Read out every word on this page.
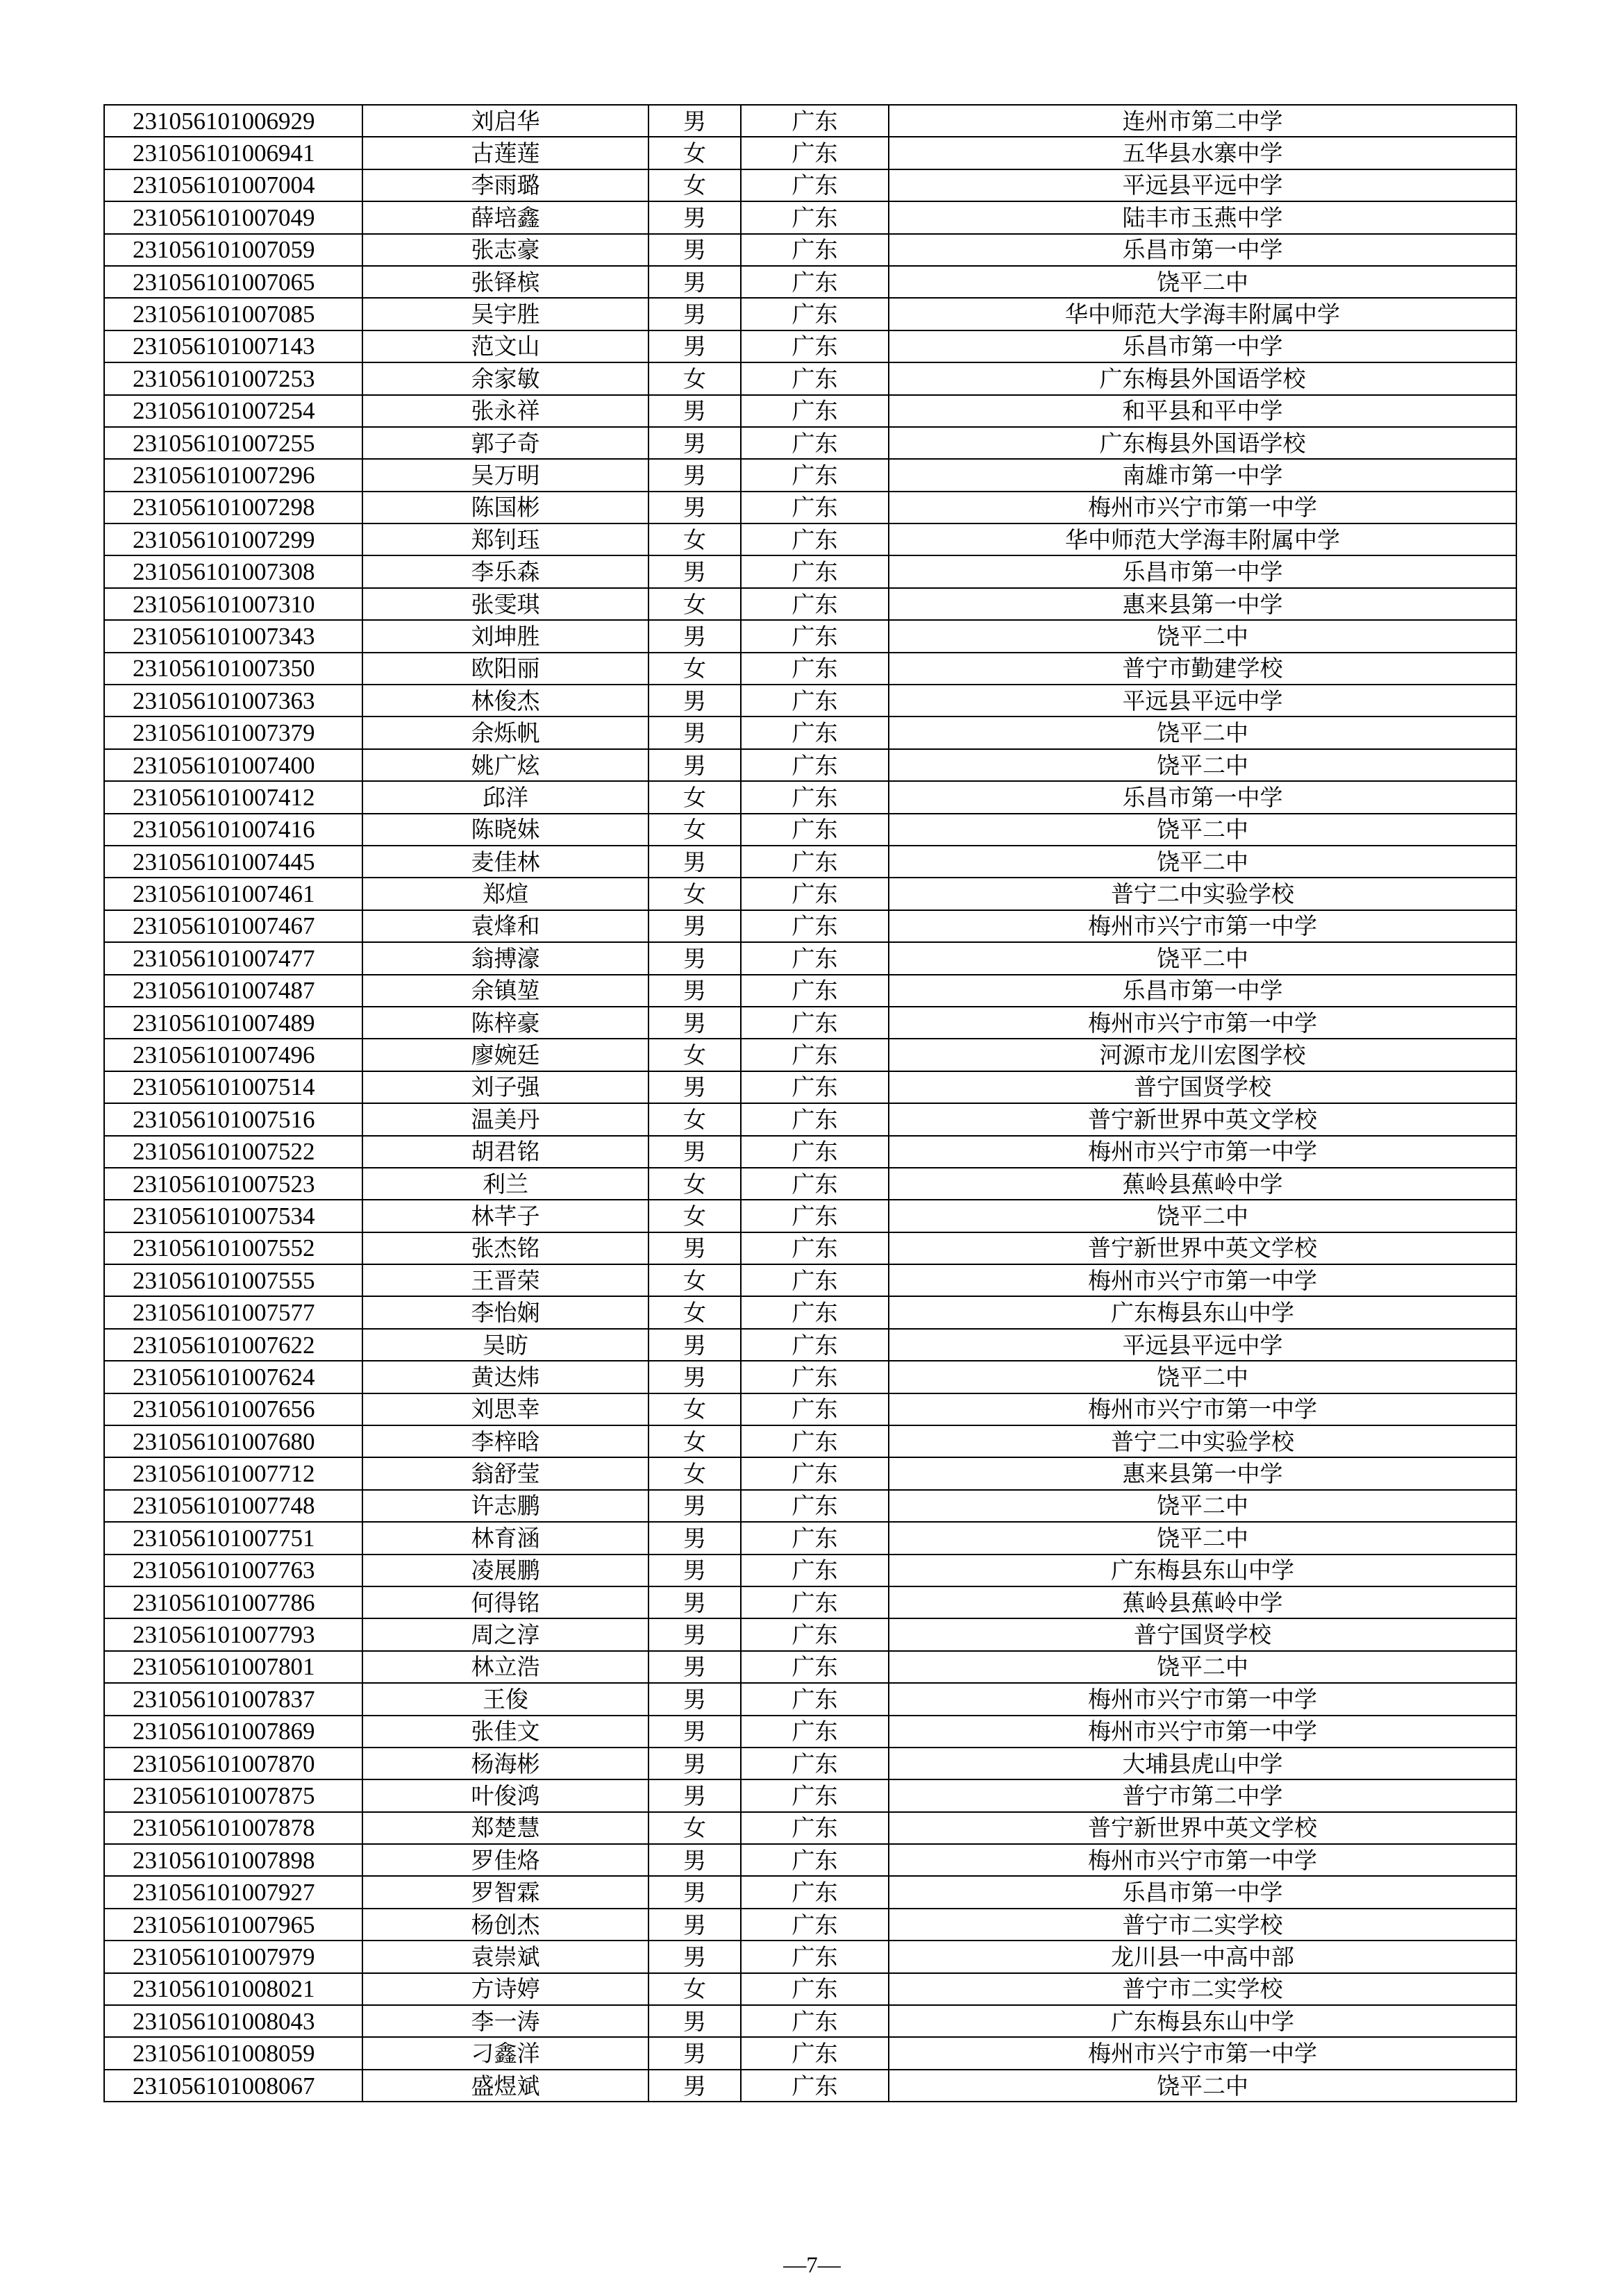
231056101006929	刘启华	男	广东	连州市第二中学
231056101006941	古莲莲	女	广东	五华县水寨中学
231056101007004	李雨璐	女	广东	平远县平远中学
231056101007049	薛培鑫	男	广东	陆丰市玉燕中学
231056101007059	张志豪	男	广东	乐昌市第一中学
231056101007065	张铎槟	男	广东	饶平二中
231056101007085	吴宇胜	男	广东	华中师范大学海丰附属中学
231056101007143	范文山	男	广东	乐昌市第一中学
231056101007253	余家敏	女	广东	广东梅县外国语学校
231056101007254	张永祥	男	广东	和平县和平中学
231056101007255	郭子奇	男	广东	广东梅县外国语学校
231056101007296	吴万明	男	广东	南雄市第一中学
231056101007298	陈国彬	男	广东	梅州市兴宁市第一中学
231056101007299	郑钊珏	女	广东	华中师范大学海丰附属中学
231056101007308	李乐森	男	广东	乐昌市第一中学
231056101007310	张雯琪	女	广东	惠来县第一中学
231056101007343	刘坤胜	男	广东	饶平二中
231056101007350	欧阳丽	女	广东	普宁市勤建学校
231056101007363	林俊杰	男	广东	平远县平远中学
231056101007379	余烁帆	男	广东	饶平二中
231056101007400	姚广炫	男	广东	饶平二中
231056101007412	邱洋	女	广东	乐昌市第一中学
231056101007416	陈晓妹	女	广东	饶平二中
231056101007445	麦佳林	男	广东	饶平二中
231056101007461	郑煊	女	广东	普宁二中实验学校
231056101007467	袁烽和	男	广东	梅州市兴宁市第一中学
231056101007477	翁搏濠	男	广东	饶平二中
231056101007487	余镇堃	男	广东	乐昌市第一中学
231056101007489	陈梓豪	男	广东	梅州市兴宁市第一中学
231056101007496	廖婉廷	女	广东	河源市龙川宏图学校
231056101007514	刘子强	男	广东	普宁国贤学校
231056101007516	温美丹	女	广东	普宁新世界中英文学校
231056101007522	胡君铭	男	广东	梅州市兴宁市第一中学
231056101007523	利兰	女	广东	蕉岭县蕉岭中学
231056101007534	林芊子	女	广东	饶平二中
231056101007552	张杰铭	男	广东	普宁新世界中英文学校
231056101007555	王晋荣	女	广东	梅州市兴宁市第一中学
231056101007577	李怡娴	女	广东	广东梅县东山中学
231056101007622	吴昉	男	广东	平远县平远中学
231056101007624	黄达炜	男	广东	饶平二中
231056101007656	刘思幸	女	广东	梅州市兴宁市第一中学
231056101007680	李梓晗	女	广东	普宁二中实验学校
231056101007712	翁舒莹	女	广东	惠来县第一中学
231056101007748	许志鹏	男	广东	饶平二中
231056101007751	林育涵	男	广东	饶平二中
231056101007763	凌展鹏	男	广东	广东梅县东山中学
231056101007786	何得铭	男	广东	蕉岭县蕉岭中学
231056101007793	周之淳	男	广东	普宁国贤学校
231056101007801	林立浩	男	广东	饶平二中
231056101007837	王俊	男	广东	梅州市兴宁市第一中学
231056101007869	张佳文	男	广东	梅州市兴宁市第一中学
231056101007870	杨海彬	男	广东	大埔县虎山中学
231056101007875	叶俊鸿	男	广东	普宁市第二中学
231056101007878	郑楚慧	女	广东	普宁新世界中英文学校
231056101007898	罗佳烙	男	广东	梅州市兴宁市第一中学
231056101007927	罗智霖	男	广东	乐昌市第一中学
231056101007965	杨创杰	男	广东	普宁市二实学校
231056101007979	袁崇斌	男	广东	龙川县一中高中部
231056101008021	方诗婷	女	广东	普宁市二实学校
231056101008043	李一涛	男	广东	广东梅县东山中学
231056101008059	刁鑫洋	男	广东	梅州市兴宁市第一中学
231056101008067	盛煜斌	男	广东	饶平二中
—7—
